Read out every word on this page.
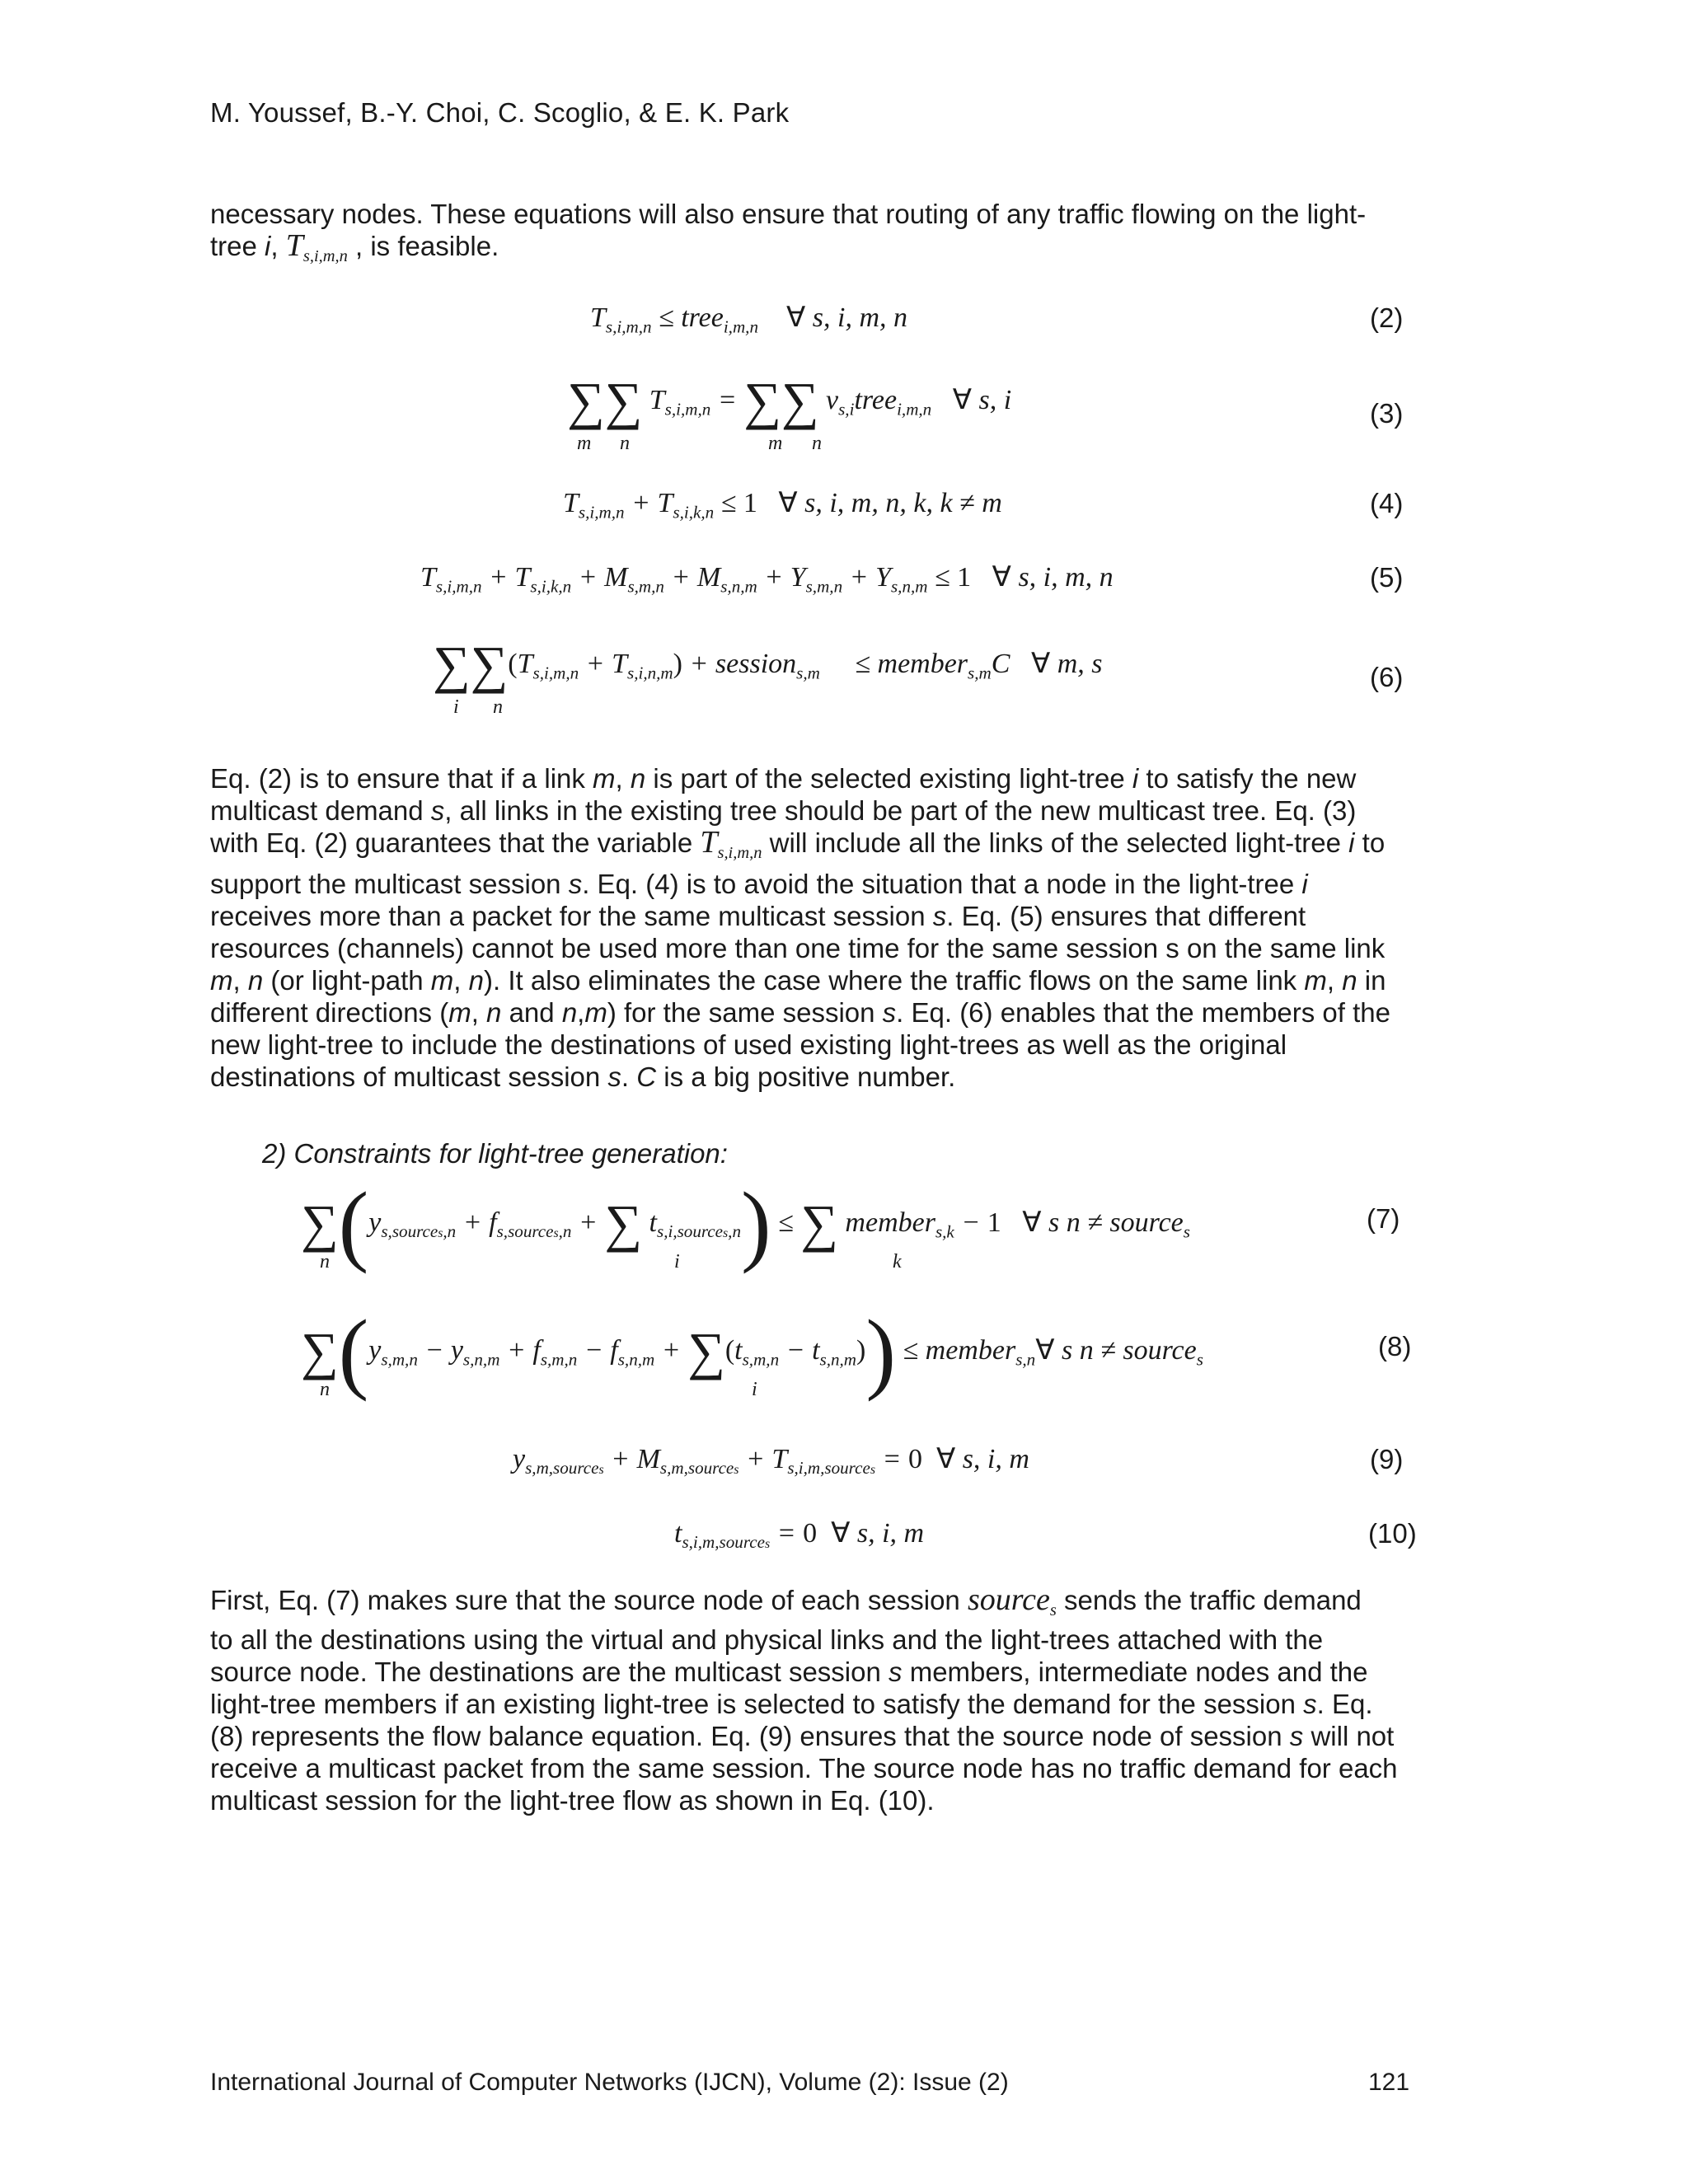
M. Youssef, B.-Y. Choi, C. Scoglio, & E. K. Park
necessary nodes. These equations will also ensure that routing of any traffic flowing on the light-
tree i, $T_{s,i,m,n}$ , is feasible.
$T_{s,i,m,n}$ ≤ tree$_{i,m,n}$ ∀ s, i, m, n	(2)
∑∑ $T_{s,i,m,n}$ = ∑∑ $v_{s,i}tree_{i,m,n}$ ∀ s, i
m n	m n
(3)
$T_{s,i,m,n} + T_{s,i,k,n} \le 1$ ∀ s, i, m, n, k, k ≠ m	(4)
$T_{s,i,m,n} + T_{s,i,k,n} + M_{s,m,n} + M_{s,n,m} + Y_{s,m,n} + Y_{s,n,m} \le 1$ ∀ s, i, m, n	(5)
$\sum\sum(T_{s,i,m,n} + T_{s,i,n,m})$ + session$_{s,m}$     ≤ member$_{s,m}$C   ∀ m, s
i n
(6)
Eq. (2) is to ensure that if a link m, n is part of the selected existing light-tree i to satisfy the new
multicast demand s, all links in the existing tree should be part of the new multicast tree. Eq. (3)
with Eq. (2) guarantees that the variable $T_{s,i,m,n}$ will include all the links of the selected light-tree i to
support the multicast session s. Eq. (4) is to avoid the situation that a node in the light-tree i
receives more than a packet for the same multicast session s. Eq. (5) ensures that different
resources (channels) cannot be used more than one time for the same session s on the same link
m, n (or light-path m, n). It also eliminates the case where the traffic flows on the same link m, n in
different directions (m, n and n,m) for the same session s. Eq. (6) enables that the members of the
new light-tree to include the destinations of used existing light-trees as well as the original
destinations of multicast session s. C is a big positive number.
2) Constraints for light-tree generation:
$\sum(y_{s,sources,n} + f_{s,sources,n}$ + ∑ $t_{s,i,sources,n}$) ≤ ∑ member$_{s,k}$ − 1 ∀ s n ≠ source$_s$
n	i	k
(7)
$\sum(y_{s,m,n} - y_{s,n,m} + f_{s,m,n} - f_{s,n,m} + \sum(t_{s,m,n} - t_{s,n,m}))$ ≤ member$_{s,n}$∀ s n ≠ source$_s$
n	i
(8)
$y_{s,m,sources} + M_{s,m,sources} + T_{s,i,m,sources} = 0$ ∀ s, i, m	(9)
$t_{s,i,m,sources} = 0$ ∀ s, i, m	(10)
First, Eq. (7) makes sure that the source node of each session source$_s$ sends the traffic demand
to all the destinations using the virtual and physical links and the light-trees attached with the
source node. The destinations are the multicast session s members, intermediate nodes and the
light-tree members if an existing light-tree is selected to satisfy the demand for the session s. Eq.
(8) represents the flow balance equation. Eq. (9) ensures that the source node of session s will not
receive a multicast packet from the same session. The source node has no traffic demand for each
multicast session for the light-tree flow as shown in Eq. (10).
International Journal of Computer Networks (IJCN), Volume (2): Issue (2)	121
